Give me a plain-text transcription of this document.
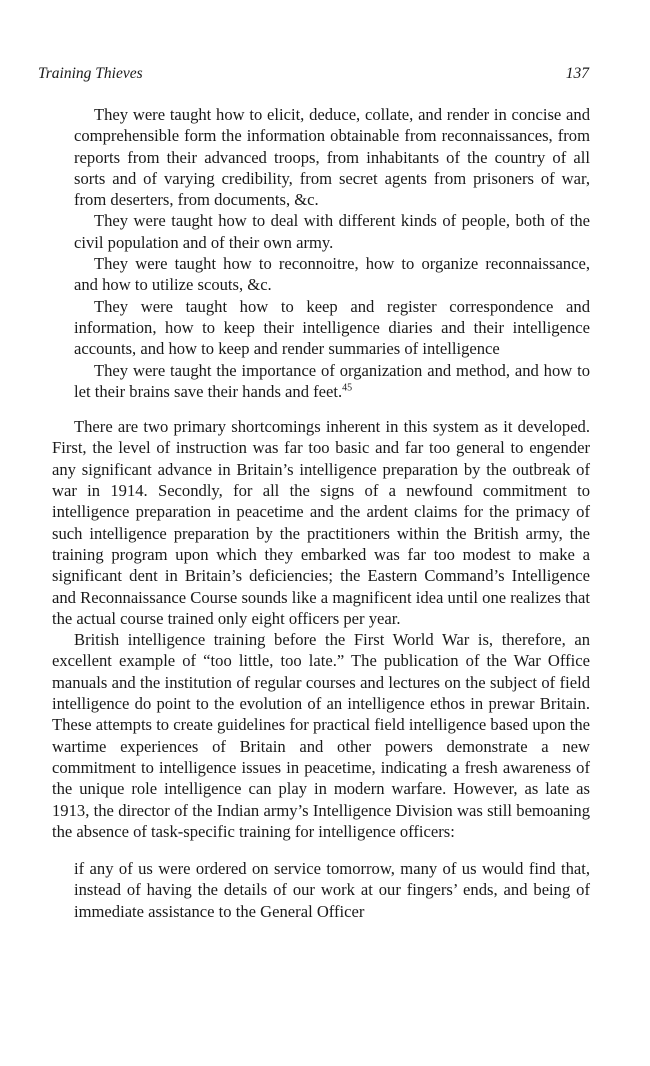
Training Thieves	137

They were taught how to elicit, deduce, collate, and render in concise and comprehensible form the information obtainable from reconnaissances, from reports from their advanced troops, from inhabitants of the country of all sorts and of varying credibility, from secret agents from prisoners of war, from deserters, from documents, &c.

They were taught how to deal with different kinds of people, both of the civil population and of their own army.

They were taught how to reconnoitre, how to organize reconnaissance, and how to utilize scouts, &c.

They were taught how to keep and register correspondence and information, how to keep their intelligence diaries and their intelligence accounts, and how to keep and render summaries of intelligence

They were taught the importance of organization and method, and how to let their brains save their hands and feet.$^{45}$

There are two primary shortcomings inherent in this system as it developed. First, the level of instruction was far too basic and far too general to engender any significant advance in Britain’s intelligence preparation by the outbreak of war in 1914. Secondly, for all the signs of a newfound commitment to intelligence preparation in peacetime and the ardent claims for the primacy of such intelligence preparation by the practitioners within the British army, the training program upon which they embarked was far too modest to make a significant dent in Britain’s deficiencies; the Eastern Command’s Intelligence and Reconnaissance Course sounds like a magnificent idea until one realizes that the actual course trained only eight officers per year.

British intelligence training before the First World War is, therefore, an excellent example of “too little, too late.” The publication of the War Office manuals and the institution of regular courses and lectures on the subject of field intelligence do point to the evolution of an intelligence ethos in prewar Britain. These attempts to create guidelines for practical field intelligence based upon the wartime experiences of Britain and other powers demonstrate a new commitment to intelligence issues in peacetime, indicating a fresh awareness of the unique role intelligence can play in modern warfare. However, as late as 1913, the director of the Indian army’s Intelligence Division was still bemoaning the absence of task-specific training for intelligence officers:

if any of us were ordered on service tomorrow, many of us would find that, instead of having the details of our work at our fingers’ ends, and being of immediate assistance to the General Officer
